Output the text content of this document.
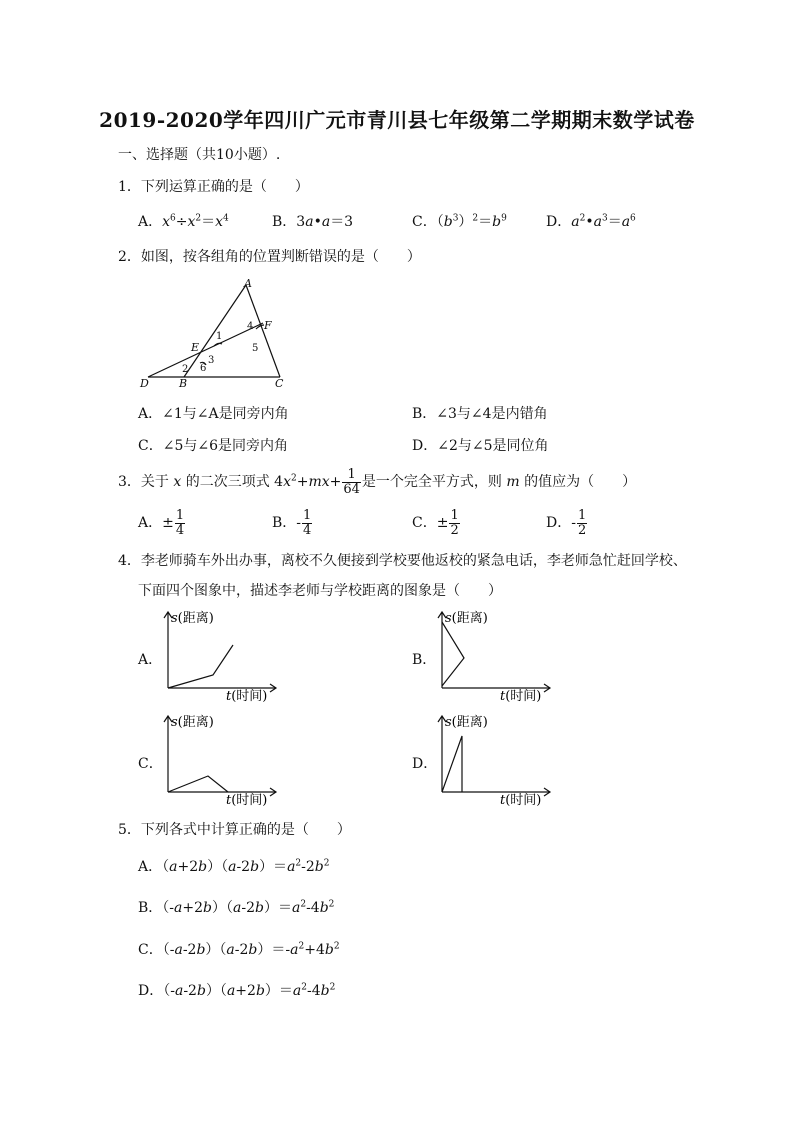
2019-2020学年四川广元市青川县七年级第二学期期末数学试卷
一、选择题（共10小题）.
1．下列运算正确的是（　　）
A．$x^6\div x^2=x^4$	B．3a•a＝3	C．$(b^3)^2=b^9$	D．$a^2•a^3=a^6$
2．如图，按各组角的位置判断错误的是（　　）
A
F
E
D	B	C
1
2
3
4
5
6
A．∠1与∠A是同旁内角	B．∠3与∠4是内错角
C．∠5与∠6是同旁内角	D．∠2与∠5是同位角
3．关于 x 的二次三项式 $4x^2+mx+ \frac{1}{64}$ 是一个完全平方式，则 m 的值应为（　　）
A．± $\frac{1}{4}$	B．- $\frac{1}{4}$	C．± $\frac{1}{2}$	D．- $\frac{1}{2}$
4．李老师骑车外出办事，离校不久便接到学校要他返校的紧急电话，李老师急忙赶回学校、
下面四个图象中，描述李老师与学校距离的图象是（　　）
A．	B．
C．	D．
s(距离)
t(时间)
s(距离)
t(时间)
s(距离)
t(时间)
s(距离)
t(时间)
5．下列各式中计算正确的是（　　）
A．$(a+2b)(a-2b)=a^2-2b^2$
B．$(-a+2b)(a-2b)=a^2-4b^2$
C．$(-a-2b)(a-2b)=-a^2+4b^2$
D．$(-a-2b)(a+2b)=a^2-4b^2$
